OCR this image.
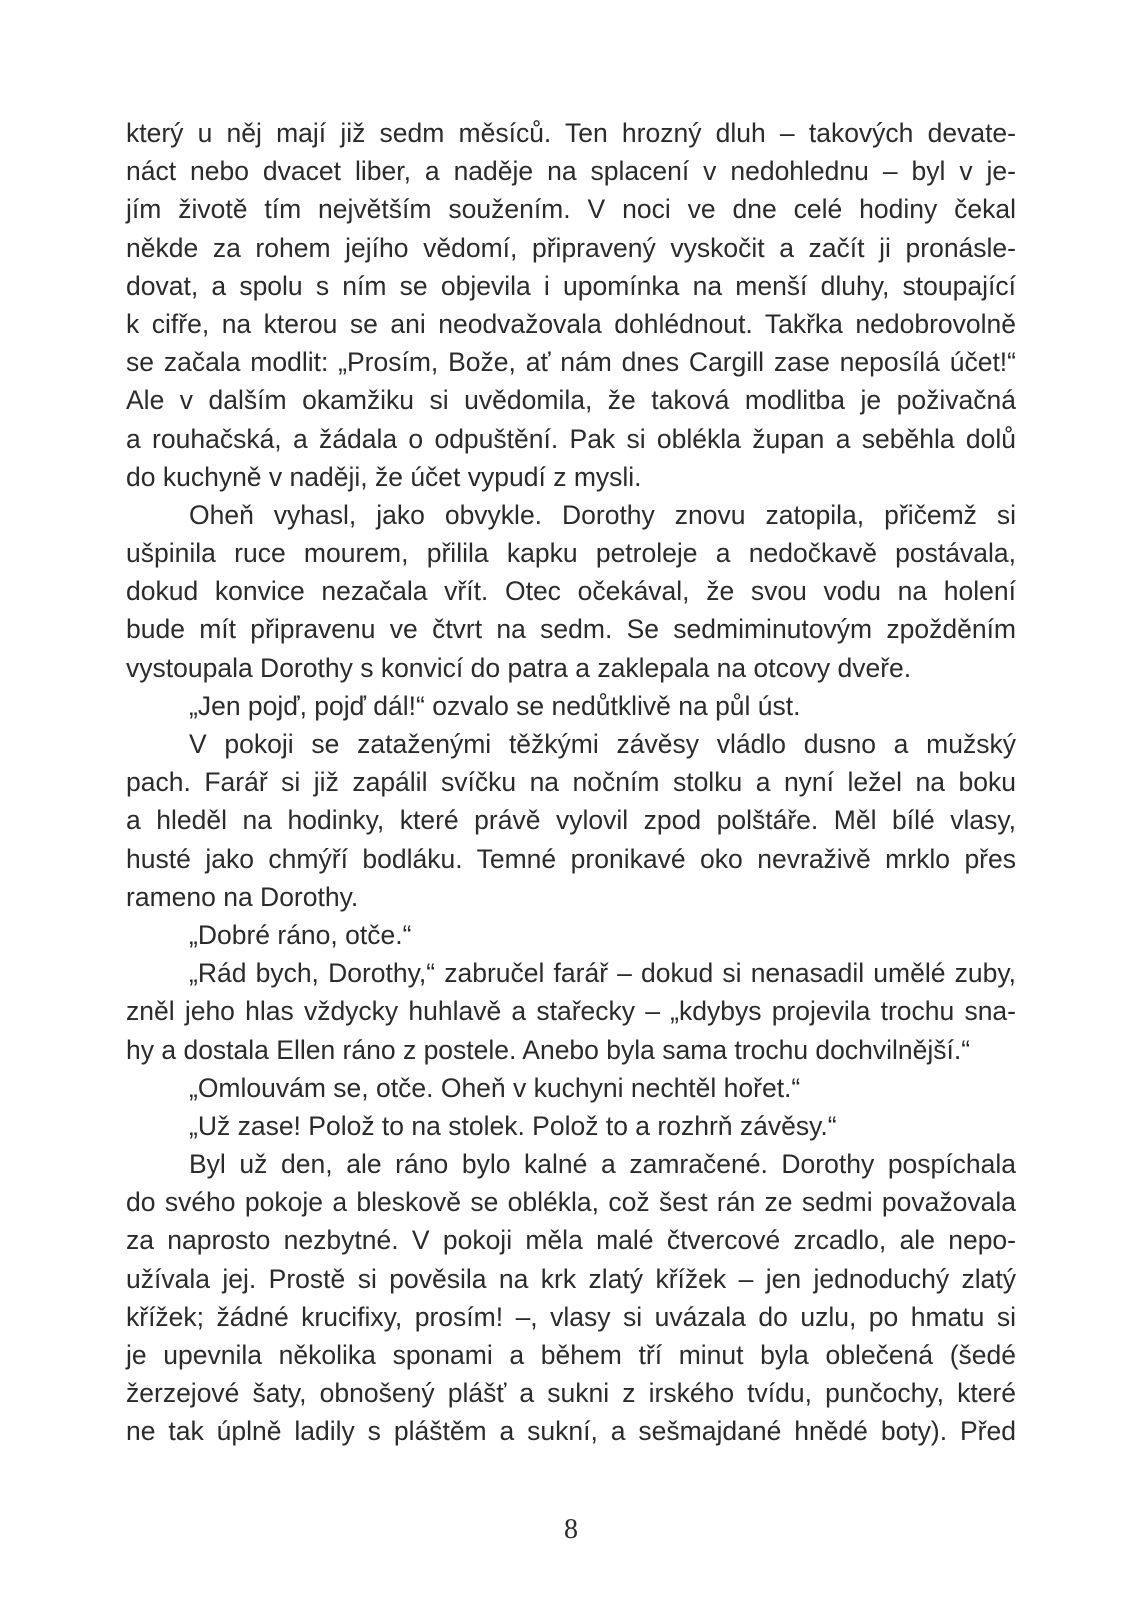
který u něj mají již sedm měsíců. Ten hrozný dluh – takových devate-
náct nebo dvacet liber, a naděje na splacení v nedohlednu – byl v je-
jím životě tím největším soužením. V noci ve dne celé hodiny čekal
někde za rohem jejího vědomí, připravený vyskočit a začít ji pronásle-
dovat, a spolu s ním se objevila i upomínka na menší dluhy, stoupající
k cifře, na kterou se ani neodvažovala dohlédnout. Takřka nedobrovolně
se začala modlit: „Prosím, Bože, ať nám dnes Cargill zase neposílá účet!“
Ale v dalším okamžiku si uvědomila, že taková modlitba je poživačná
a rouhačská, a žádala o odpuštění. Pak si oblékla župan a seběhla dolů
do kuchyně v naději, že účet vypudí z mysli.
Oheň vyhasl, jako obvykle. Dorothy znovu zatopila, přičemž si
ušpinila ruce mourem, přililа kapku petroleje a nedočkavě postávala,
dokud konvice nezačala vřít. Otec očekával, že svou vodu na holení
bude mít připravenu ve čtvrt na sedm. Se sedmiminutovým zpožděním
vystoupala Dorothy s konvicí do patra a zaklepala na otcovy dveře.
„Jen pojď, pojď dál!“ ozvalo se nedůtklivě na půl úst.
V pokoji se zataženými těžkými závěsy vládlo dusno a mužský
pach. Farář si již zapálil svíčku na nočním stolku a nyní ležel na boku
a hleděl na hodinky, které právě vylovil zpod polštáře. Měl bílé vlasy,
husté jako chmýří bodláku. Temné pronikavé oko nevraživě mrklo přes
rameno na Dorothy.
„Dobré ráno, otče.“
„Rád bych, Dorothy,“ zabručel farář – dokud si nenasadil umělé zuby,
zněl jeho hlas vždycky huhlavě a stařecky – „kdybys projevila trochu sna-
hy a dostala Ellen ráno z postele. Anebo byla sama trochu dochvilnější.“
„Omlouvám se, otče. Oheň v kuchyni nechtěl hořet.“
„Už zase! Polož to na stolek. Polož to a rozhrň závěsy.“
Byl už den, ale ráno bylo kalné a zamračené. Dorothy pospíchala
do svého pokoje a bleskově se oblékla, což šest rán ze sedmi považovala
za naprosto nezbytné. V pokoji měla malé čtvercové zrcadlo, ale nepo-
užívala jej. Prostě si pověsila na krk zlatý křížek – jen jednoduchý zlatý
křížek; žádné krucifixy, prosím! –, vlasy si uvázala do uzlu, po hmatu si
je upevnila několika sponami a během tří minut byla oblečená (šedé
žerzejové šaty, obnošený plášť a sukni z irského tvídu, punčochy, které
ne tak úplně ladily s pláštěm a sukní, a sešmajdané hnědé boty). Před
8
